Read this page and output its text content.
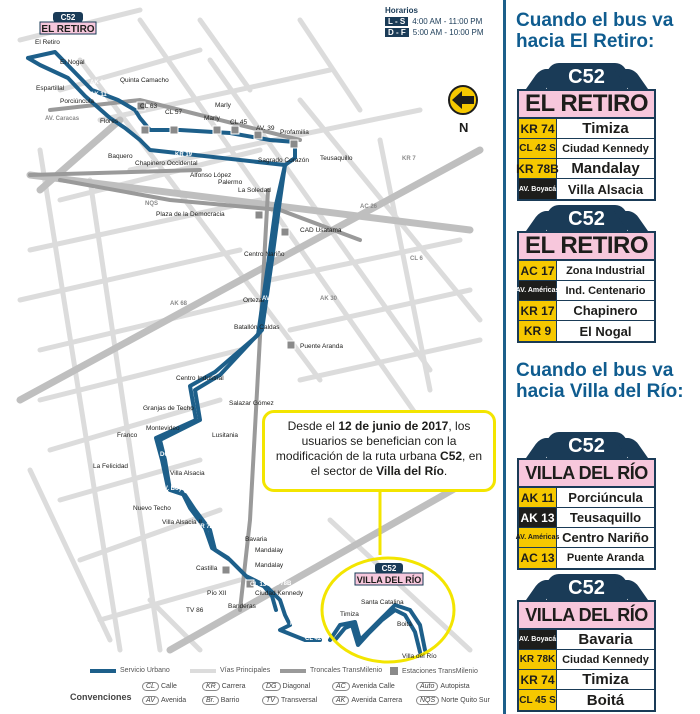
N
C52
EL RETIRO
C52
VILLA DEL RÍO
El Retiro
El Nogal
Espartillal
Quinta Camacho
Porciúncula
Flores
CL 63
CL 57
Marly
Marly
CL 45
AV. 39
Profamilia
Baquero
Chapinero Occidental	Sagrado Corazón Teusaquillo
Alfonso López
Palermo
La Soledad
Plaza de la Democracia
CAD Usatama
Centro Nariño
Ortezal
Batallón Caldas
Puente Aranda
Centro Industrial
Granjas de Techo
Salazar Gómez
Montevideo
Franco	Lusitania
La Felicidad
Villa Alsacia
Nuevo Techo
Villa Alsacia II
Bavaria
Mandalay
Mandalay
Castilla
Pío XII
Banderas
Ciudad Kennedy
TV 86
Santa Catalina
Timiza
Boitá
Villa del Río
AK 11
AV. Caracas
KR 13
KR 19
AK 9
KR 7
NQS
AV. Américas
AK 68
AK 30
AV. Boyacá
DG 13
KR 72
KR 78B
KR 74
CL 42 S	CL 45 Sur
AK 17
CL 6
CL 13
AC 26
Horarios
L - S 4:00 AM - 11:00 PM
D - F 5:00 AM - 10:00 PM
Desde el 12 de junio de 2017, los usuarios se benefician con la modificación de la ruta urbana C52, en el sector de Villa del Río.
Servicio Urbano	Vías Principales	Troncales TransMilenio	Estaciones TransMilenio
Convenciones
CL Calle
AV Avenida
KR Carrera
Br. Barrio
DG Diagonal
TV Transversal
AC Avenida Calle
AK Avenida Carrera
Auto Autopista
NQS Norte Quito Sur
Cuando el bus va hacia El Retiro:
C52
EL RETIRO
KR 74	Timiza
CL 42 S Ciudad Kennedy
KR 78B Mandalay
AV. Boyacá Villa Alsacia
C52
EL RETIRO
AC 17	Zona Industrial
AV. Américas Ind. Centenario
KR 17	Chapinero
KR 9	El Nogal
Cuando el bus va hacia Villa del Río:
C52
VILLA DEL RÍO
AK 11	Porciúncula
AK 13	Teusaquillo
AV. Américas Centro Nariño
AC 13	Puente Aranda
C52
VILLA DEL RÍO
AV. Boyacá	Bavaria
KR 78K Ciudad Kennedy
KR 74	Timiza
CL 45 S	Boitá
